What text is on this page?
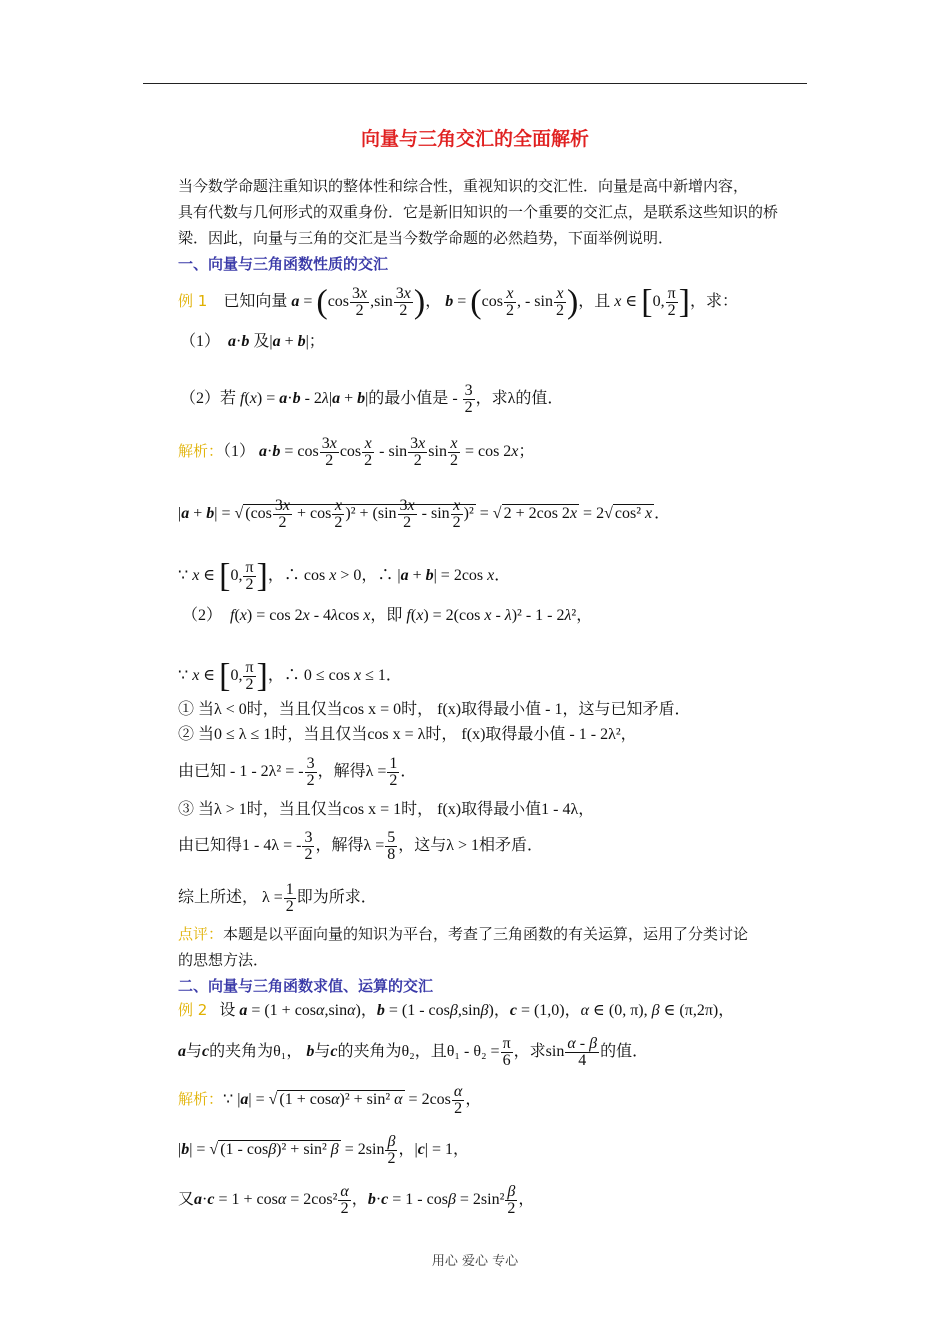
向量与三角交汇的全面解析
当今数学命题注重知识的整体性和综合性，重视知识的交汇性．向量是高中新增内容，
具有代数与几何形式的双重身份．它是新旧知识的一个重要的交汇点，是联系这些知识的桥
梁．因此，向量与三角的交汇是当今数学命题的必然趋势，下面举例说明．
一、向量与三角函数性质的交汇
例 1 已知向量 $a = (\cos \frac{3x}{2} ,\sin \frac{3x}{2}$ )， $b = (\cos \frac{x}{2}$ , - $\sin \frac{x}{2}$ )，且 x ∈ [0, $\frac{\pi}{2}$ ]，求：
（1） a·b 及|a + b|；
（2）若 f(x) = a·b - 2λ|a + b|的最小值是 - $\frac{3}{2}$ ，求λ的值．
解析：（1） $a\cdot b = \cos \frac{3x}{2}$ $\cos \frac{x}{2}$ - $\sin \frac{3x}{2}$ $\sin \frac{x}{2} = \cos 2x$；
|a + b| = √ $(\cos \frac{3x}{2} + \cos \frac{x}{2} )^2 + (\sin \frac{3x}{2} - \sin \frac{x}{2} )^2$ = √ 2 + 2cos 2x = 2√ cos² x ．
∵ x ∈ [0, $\frac{\pi}{2}$ ]，∴ cos x > 0，∴ |a + b| = 2cos x．
（2）  f(x) = cos 2x - 4λcos x，即 f(x) = 2(cos x - λ)² - 1 - 2λ²，
∵ x ∈ [0, $\frac{\pi}{2}$ ]，∴ 0 ≤ cos x ≤ 1．
① 当λ < 0时，当且仅当cos x = 0时， f(x)取得最小值 - 1，这与已知矛盾．
② 当0 ≤ λ ≤ 1时，当且仅当cos x = λ时， f(x)取得最小值 - 1 - 2λ²，
由已知 - 1 - 2λ² = - $\frac{3}{2}$ ，解得$\lambda = \frac{1}{2}$ ．
③ 当λ > 1时，当且仅当cos x = 1时， f(x)取得最小值1 - 4λ，
由已知得1 - 4λ = - $\frac{3}{2}$ ，解得$\lambda = \frac{5}{8}$ ，这与λ > 1相矛盾．
综上所述， $\lambda = \frac{1}{2}$ 即为所求．
点评：本题是以平面向量的知识为平台，考查了三角函数的有关运算，运用了分类讨论
的思想方法．
二、向量与三角函数求值、运算的交汇
例 2 设 a = (1 + cosα,sinα)，b = (1 - cosβ,sinβ)，c = (1,0)，α ∈ (0, π), β ∈ (π,2π)，
a与c的夹角为θ₁， b与c的夹角为θ₂，且$\theta_1 - \theta_2 = \frac{\pi}{6}$ ，求$\sin \frac{\alpha - \beta}{4}$ 的值．
解析：∵ |a| = √ (1 + cosα)² + sin² $\alpha = 2\cos \frac{\alpha}{2}$ ，
|b| = √ (1 - cosβ)² + sin² $\beta = 2\sin \frac{\beta}{2}$ ，|c| = 1，
又$a\cdot c = 1 + \cos\alpha = 2\cos^2 \frac{\alpha}{2}$ ，$b\cdot c = 1 - \cos\beta = 2\sin^2 \frac{\beta}{2}$ ，
用心 爱心 专心
